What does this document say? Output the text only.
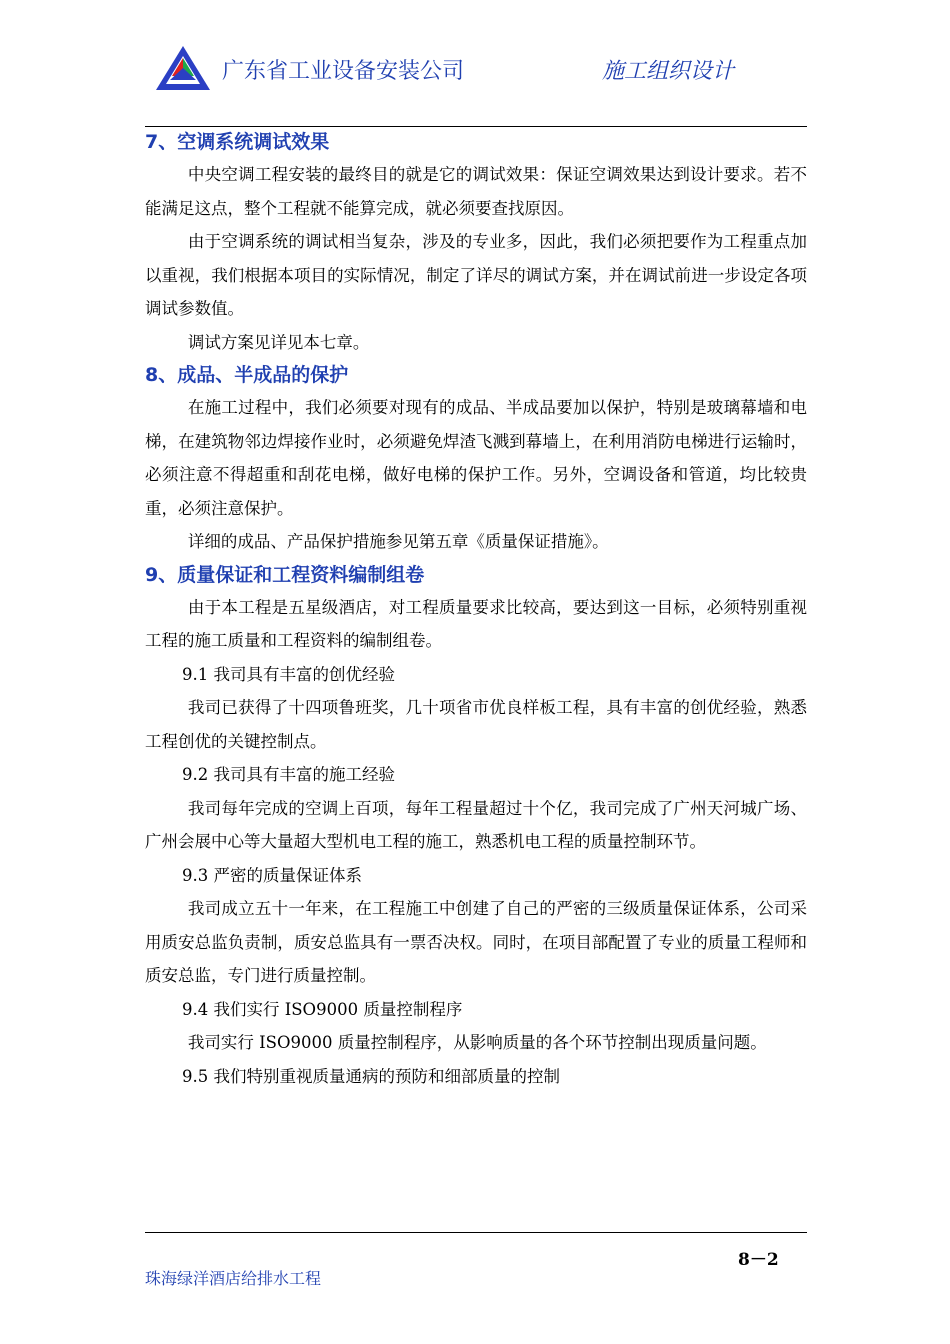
广东省工业设备安装公司	施工组织设计
7、空调系统调试效果

中央空调工程安装的最终目的就是它的调试效果：保证空调效果达到设计要求。若不能满足这点，整个工程就不能算完成，就必须要查找原因。

由于空调系统的调试相当复杂，涉及的专业多，因此，我们必须把要作为工程重点加以重视，我们根据本项目的实际情况，制定了详尽的调试方案，并在调试前进一步设定各项调试参数值。

调试方案见详见本七章。

8、成品、半成品的保护

在施工过程中，我们必须要对现有的成品、半成品要加以保护，特别是玻璃幕墙和电梯，在建筑物邻边焊接作业时，必须避免焊渣飞溅到幕墙上，在利用消防电梯进行运输时，必须注意不得超重和刮花电梯，做好电梯的保护工作。另外，空调设备和管道，均比较贵重，必须注意保护。

详细的成品、产品保护措施参见第五章《质量保证措施》。

9、质量保证和工程资料编制组卷

由于本工程是五星级酒店，对工程质量要求比较高，要达到这一目标，必须特别重视工程的施工质量和工程资料的编制组卷。

9.1 我司具有丰富的创优经验

我司已获得了十四项鲁班奖，几十项省市优良样板工程，具有丰富的创优经验，熟悉工程创优的关键控制点。

9.2 我司具有丰富的施工经验

我司每年完成的空调上百项，每年工程量超过十个亿，我司完成了广州天河城广场、广州会展中心等大量超大型机电工程的施工，熟悉机电工程的质量控制环节。

9.3 严密的质量保证体系

我司成立五十一年来，在工程施工中创建了自己的严密的三级质量保证体系，公司采用质安总监负责制，质安总监具有一票否决权。同时，在项目部配置了专业的质量工程师和质安总监，专门进行质量控制。

9.4 我们实行 ISO9000 质量控制程序

我司实行 ISO9000 质量控制程序，从影响质量的各个环节控制出现质量问题。

9.5 我们特别重视质量通病的预防和细部质量的控制

8－2
珠海绿洋酒店给排水工程
